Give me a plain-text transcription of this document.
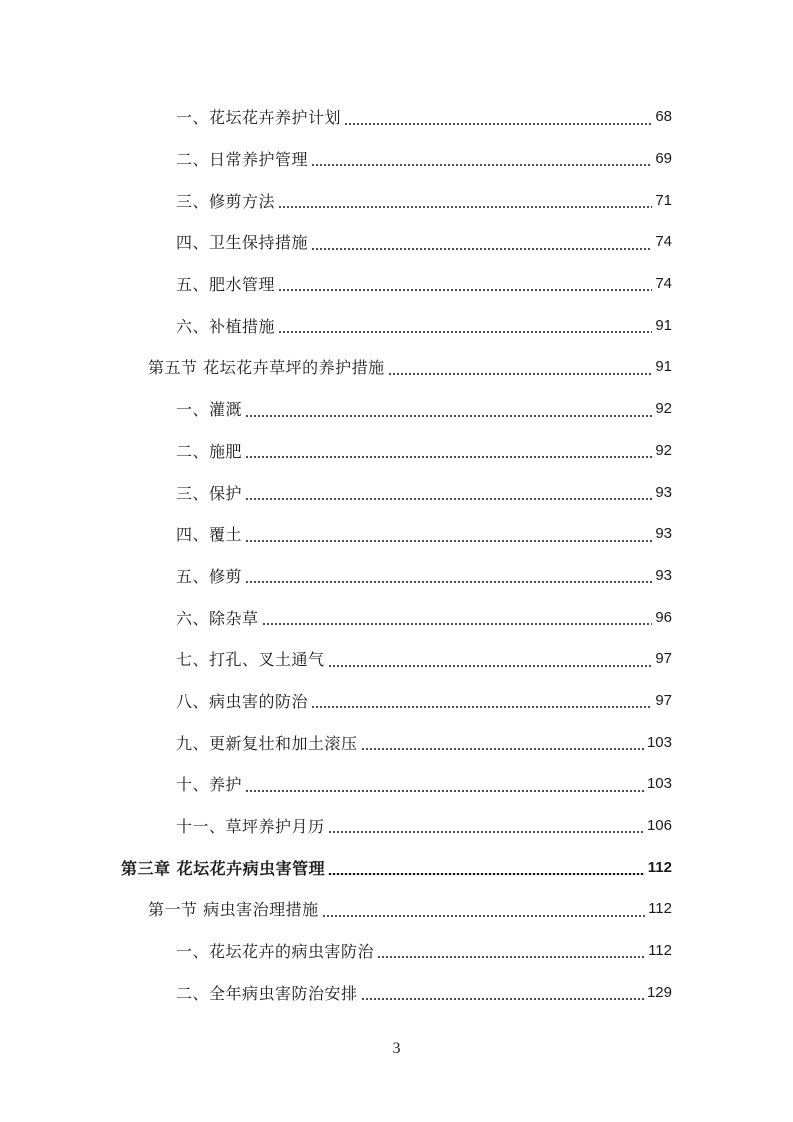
一、花坛花卉养护计划	68
二、日常养护管理	69
三、修剪方法	71
四、卫生保持措施	74
五、肥水管理	74
六、补植措施	91
第五节 花坛花卉草坪的养护措施	91
一、灌溉	92
二、施肥	92
三、保护	93
四、覆土	93
五、修剪	93
六、除杂草	96
七、打孔、叉土通气	97
八、病虫害的防治	97
九、更新复壮和加土滚压	103
十、养护	103
十一、草坪养护月历	106
第三章 花坛花卉病虫害管理	112
第一节 病虫害治理措施	112
一、花坛花卉的病虫害防治	112
二、全年病虫害防治安排	129
3
